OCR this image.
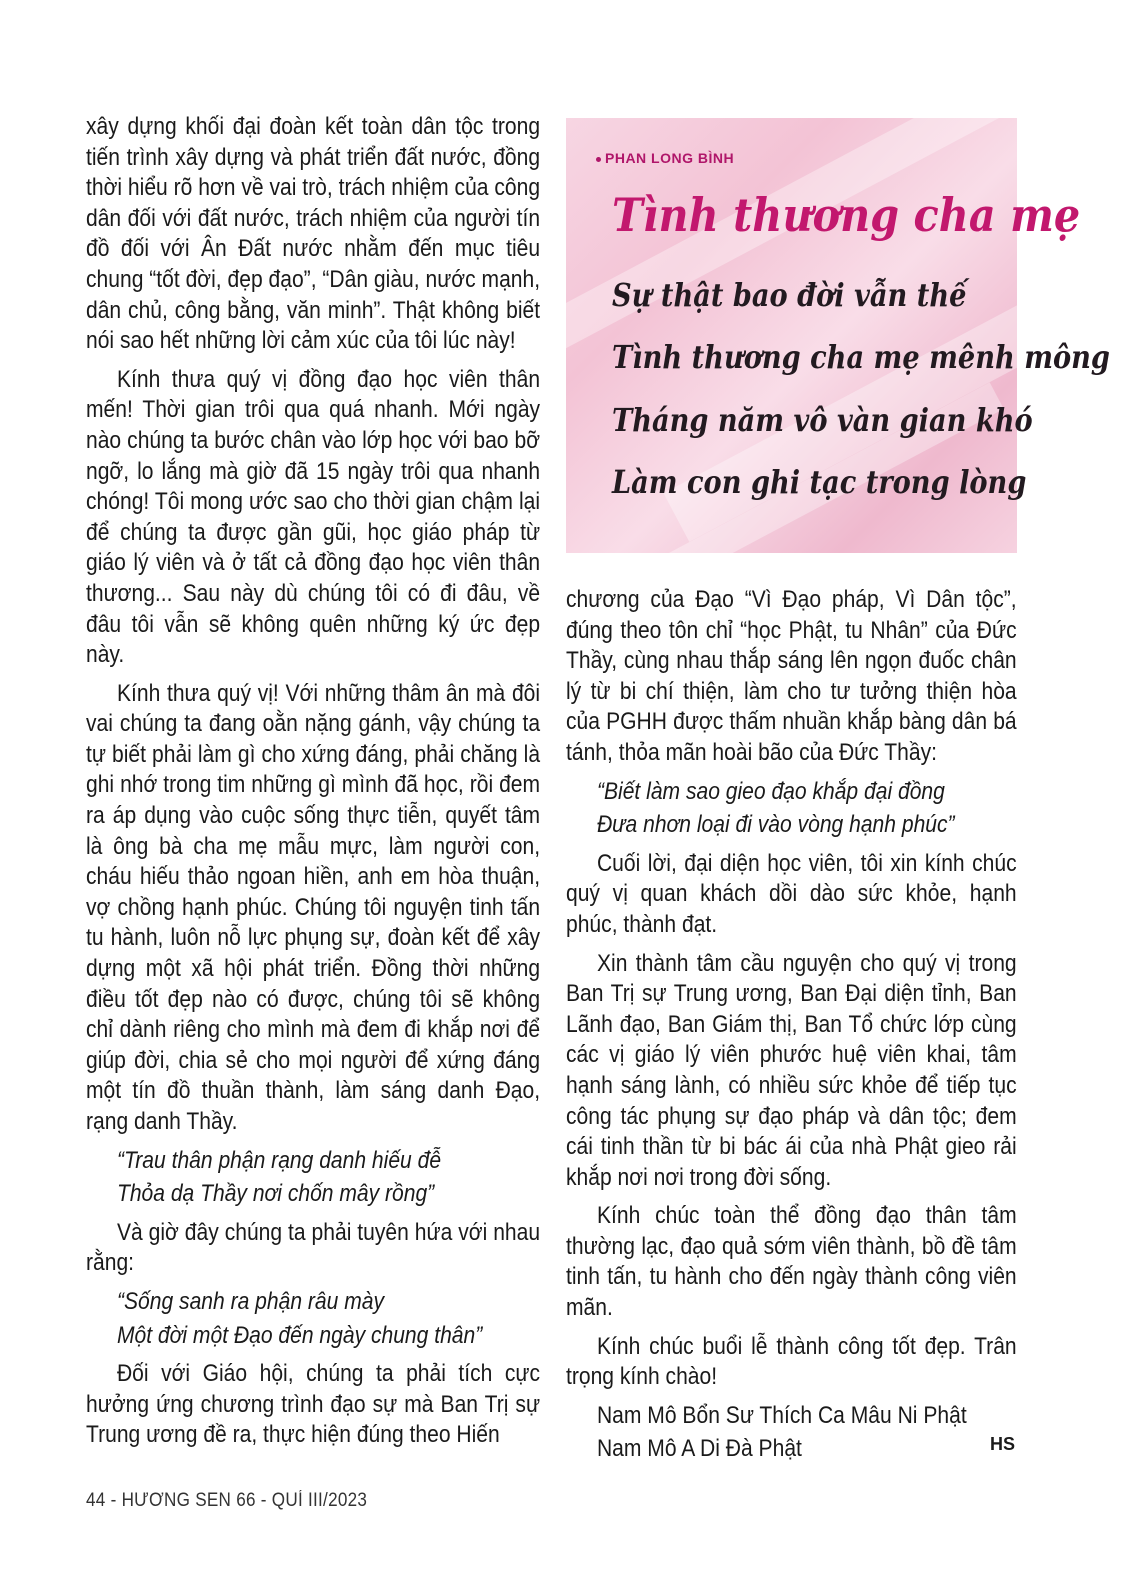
xây dựng khối đại đoàn kết toàn dân tộc trong tiến trình xây dựng và phát triển đất nước, đồng thời hiểu rõ hơn về vai trò, trách nhiệm của công dân đối với đất nước, trách nhiệm của người tín đồ đối với Ân Đất nước nhằm đến mục tiêu chung “tốt đời, đẹp đạo”, “Dân giàu, nước mạnh, dân chủ, công bằng, văn minh”. Thật không biết nói sao hết những lời cảm xúc của tôi lúc này!

Kính thưa quý vị đồng đạo học viên thân mến! Thời gian trôi qua quá nhanh. Mới ngày nào chúng ta bước chân vào lớp học với bao bỡ ngỡ, lo lắng mà giờ đã 15 ngày trôi qua nhanh chóng! Tôi mong ước sao cho thời gian chậm lại để chúng ta được gần gũi, học giáo pháp từ giáo lý viên và ở tất cả đồng đạo học viên thân thương... Sau này dù chúng tôi có đi đâu, về đâu tôi vẫn sẽ không quên những ký ức đẹp này.

Kính thưa quý vị! Với những thâm ân mà đôi vai chúng ta đang oằn nặng gánh, vậy chúng ta tự biết phải làm gì cho xứng đáng, phải chăng là ghi nhớ trong tim những gì mình đã học, rồi đem ra áp dụng vào cuộc sống thực tiễn, quyết tâm là ông bà cha mẹ mẫu mực, làm người con, cháu hiếu thảo ngoan hiền, anh em hòa thuận, vợ chồng hạnh phúc. Chúng tôi nguyện tinh tấn tu hành, luôn nỗ lực phụng sự, đoàn kết để xây dựng một xã hội phát triển. Đồng thời những điều tốt đẹp nào có được, chúng tôi sẽ không chỉ dành riêng cho mình mà đem đi khắp nơi để giúp đời, chia sẻ cho mọi người để xứng đáng một tín đồ thuần thành, làm sáng danh Đạo, rạng danh Thầy.

“Trau thân phận rạng danh hiếu đễ

Thỏa dạ Thầy nơi chốn mây rồng”

Và giờ đây chúng ta phải tuyên hứa với nhau rằng:

“Sống sanh ra phận râu mày

Một đời một Đạo đến ngày chung thân”

Đối với Giáo hội, chúng ta phải tích cực hưởng ứng chương trình đạo sự mà Ban Trị sự Trung ương đề ra, thực hiện đúng theo Hiến

PHAN LONG BÌNH
Tình thương cha mẹ
Sự thật bao đời vẫn thế
Tình thương cha mẹ mênh mông
Tháng năm vô vàn gian khó
Làm con ghi tạc trong lòng

chương của Đạo “Vì Đạo pháp, Vì Dân tộc”, đúng theo tôn chỉ “học Phật, tu Nhân” của Đức Thầy, cùng nhau thắp sáng lên ngọn đuốc chân lý từ bi chí thiện, làm cho tư tưởng thiện hòa của PGHH được thấm nhuần khắp bàng dân bá tánh, thỏa mãn hoài bão của Đức Thầy:

“Biết làm sao gieo đạo khắp đại đồng

Đưa nhơn loại đi vào vòng hạnh phúc”

Cuối lời, đại diện học viên, tôi xin kính chúc quý vị quan khách dồi dào sức khỏe, hạnh phúc, thành đạt.

Xin thành tâm cầu nguyện cho quý vị trong Ban Trị sự Trung ương, Ban Đại diện tỉnh, Ban Lãnh đạo, Ban Giám thị, Ban Tổ chức lớp cùng các vị giáo lý viên phước huệ viên khai, tâm hạnh sáng lành, có nhiều sức khỏe để tiếp tục công tác phụng sự đạo pháp và dân tộc; đem cái tinh thần từ bi bác ái của nhà Phật gieo rải khắp nơi nơi trong đời sống.

Kính chúc toàn thể đồng đạo thân tâm thường lạc, đạo quả sớm viên thành, bồ đề tâm tinh tấn, tu hành cho đến ngày thành công viên mãn.

Kính chúc buổi lễ thành công tốt đẹp. Trân trọng kính chào!

Nam Mô Bổn Sư Thích Ca Mâu Ni Phật

Nam Mô A Di Đà Phật	HS
44 - HƯƠNG SEN 66 - QUÍ III/2023
